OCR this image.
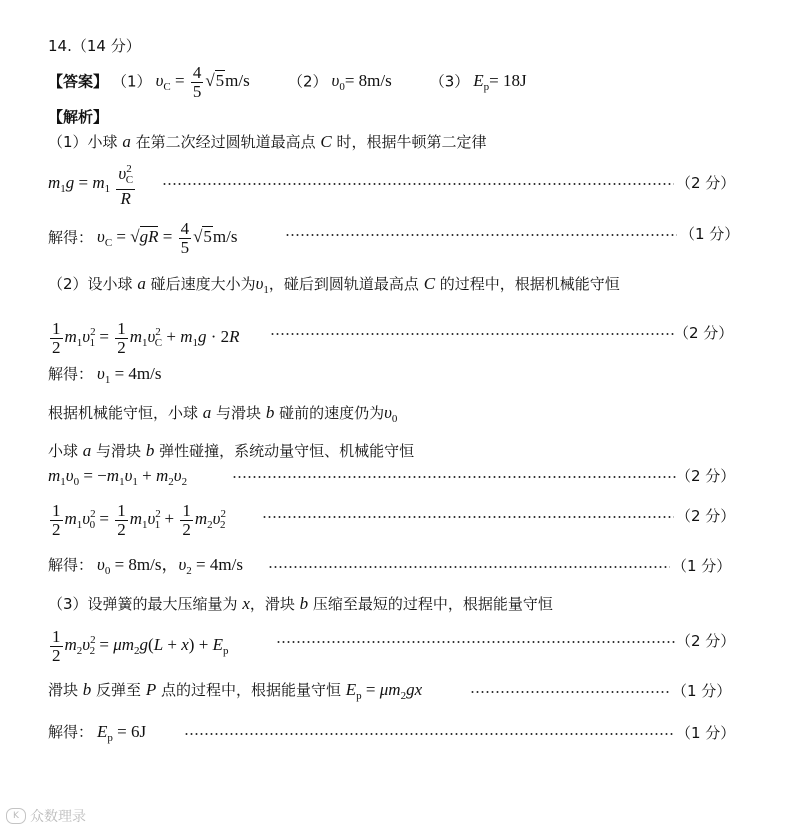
14.（14 分）
【答案】 （1） $\upsilon_C = \frac{4}{5} √5m/s$	（2） $\upsilon_0= 8m/s$	（3） $E_p= 18J$
【解析】
（1）小球 a 在第二次经过圆轨道最高点 C 时，根据牛顿第二定律
$m_1g = m_1 \frac{\upsilon^2_C}{R}$	（2 分）
解得： $\upsilon_C = √gR = \frac{4}{5} √5m/s$	（1 分）
（2）设小球 a 碰后速度大小为$\upsilon_1$，碰后到圆轨道最高点 C 的过程中，根据机械能守恒
$\frac{1}{2} m_1\upsilon^2_1 = \frac{1}{2} m_1\upsilon^2_C + m_1g \cdot 2R$	（2 分）
解得： $\upsilon_1 = 4m/s$
根据机械能守恒，小球 a 与滑块 b 碰前的速度仍为$\upsilon_0$
小球 a 与滑块 b 弹性碰撞，系统动量守恒、机械能守恒
$m_1\upsilon_0 = -m_1\upsilon_1 + m_2\upsilon_2$	（2 分）
$\frac{1}{2} m_1\upsilon^2_0 = \frac{1}{2} m_1\upsilon^2_1 + \frac{1}{2} m_2\upsilon^2_2$	（2 分）
解得： $\upsilon_0 = 8m/s$，$\upsilon_2 = 4m/s$	（1 分）
（3）设弹簧的最大压缩量为 x，滑块 b 压缩至最短的过程中，根据能量守恒
$\frac{1}{2} m_2\upsilon^2_2 = \mu m_2g(L + x) + E_p$
（2 分）
滑块 b 反弹至 P 点的过程中，根据能量守恒 $E_p = \mu m_2gx$	（1 分）
解得： $E_p = 6J$	（1 分）
K 众数理录
